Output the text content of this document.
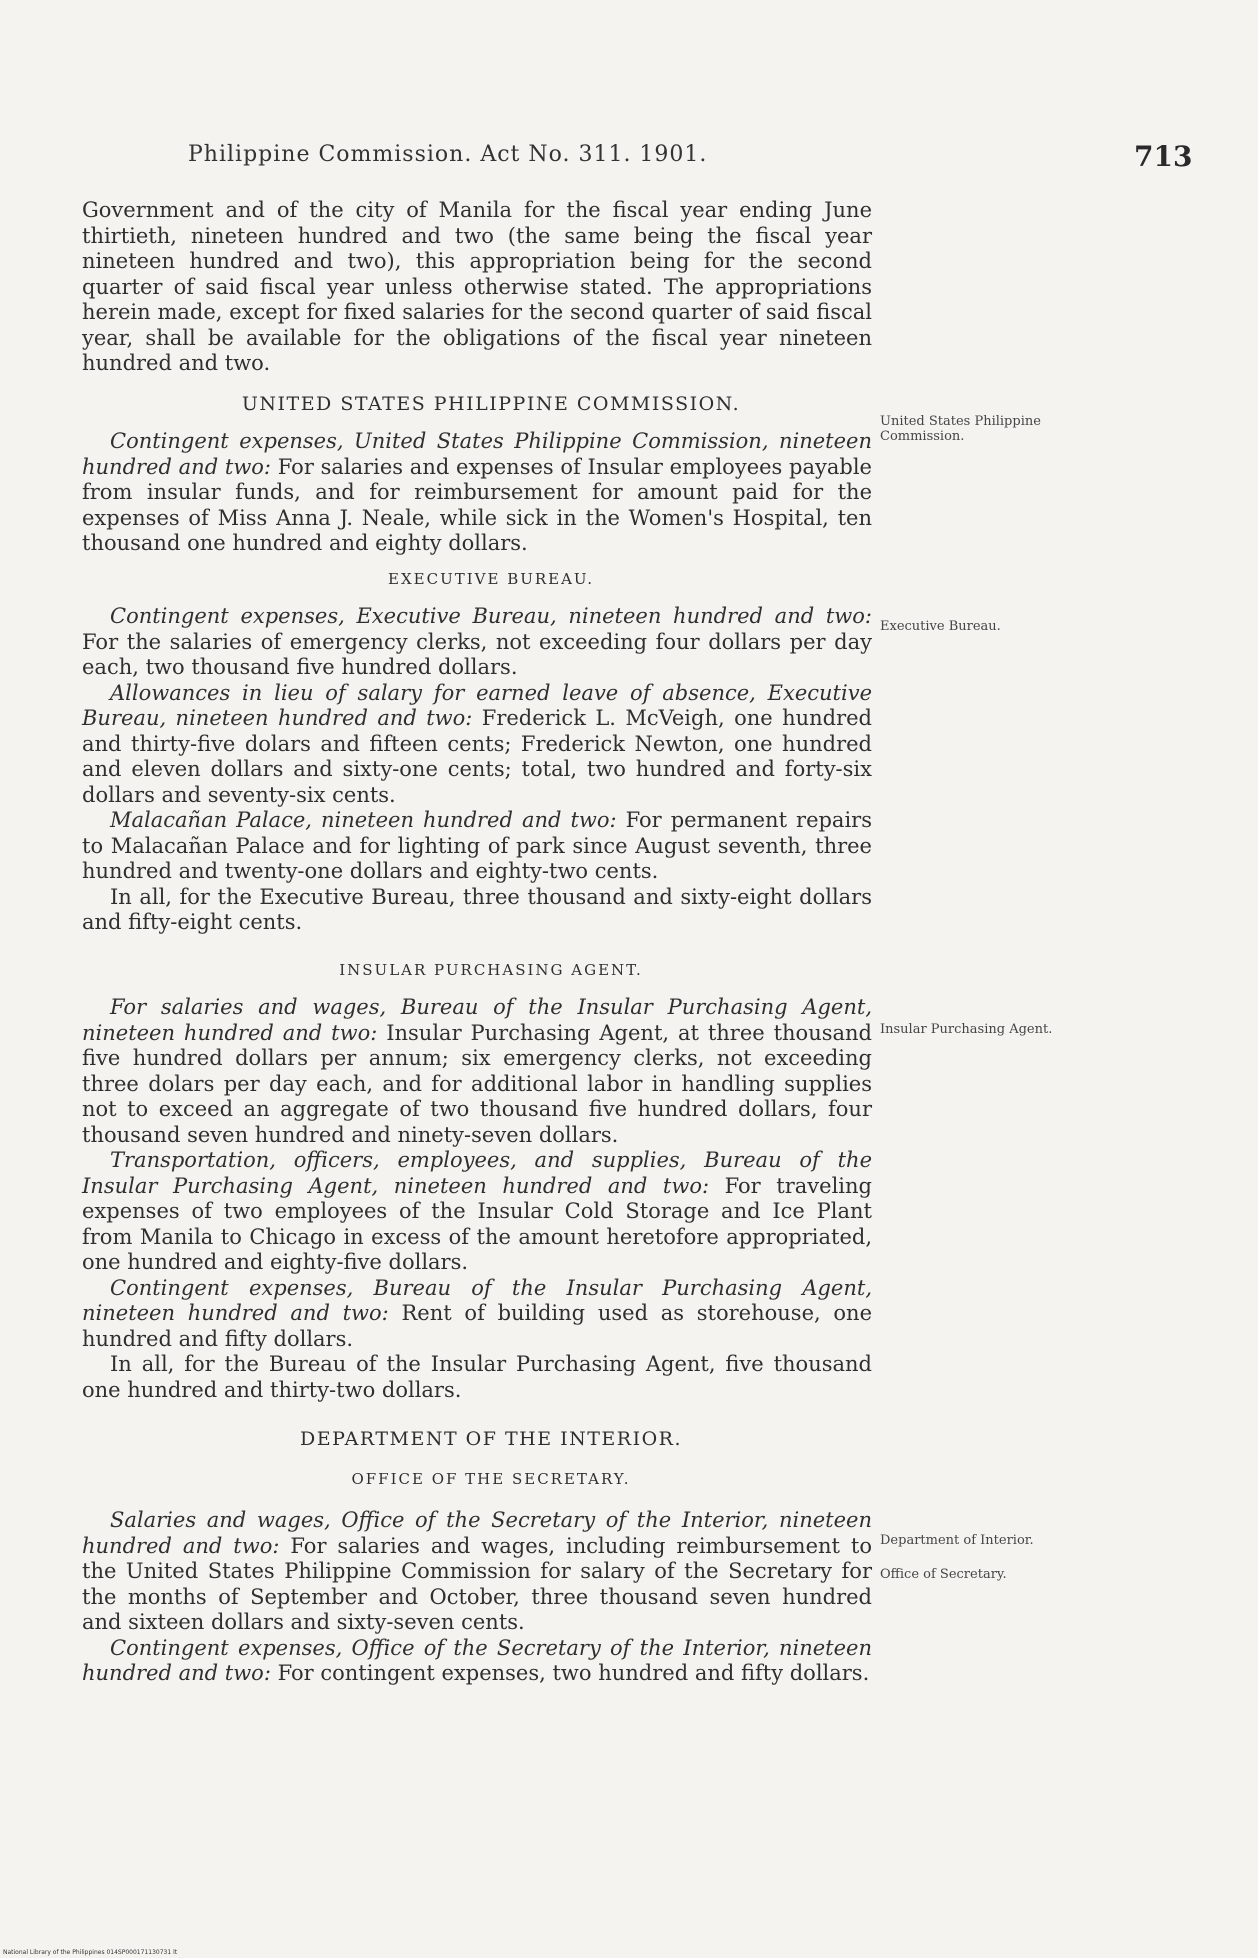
Philippine Commission. Act No. 311. 1901.	713

Government and of the city of Manila for the fiscal year ending June thirtieth, nineteen hundred and two (the same being the fiscal year nineteen hundred and two), this appropriation being for the second quarter of said fiscal year unless otherwise stated. The appropriations herein made, except for fixed salaries for the second quarter of said fiscal year, shall be available for the obligations of the fiscal year nineteen hundred and two.

UNITED STATES PHILIPPINE COMMISSION.

Contingent expenses, United States Philippine Commission, nineteen hundred and two: For salaries and expenses of Insular employees payable from insular funds, and for reimbursement for amount paid for the expenses of Miss Anna J. Neale, while sick in the Women's Hospital, ten thousand one hundred and eighty dollars.

EXECUTIVE BUREAU.

Contingent expenses, Executive Bureau, nineteen hundred and two: For the salaries of emergency clerks, not exceeding four dollars per day each, two thousand five hundred dollars.

Allowances in lieu of salary for earned leave of absence, Executive Bureau, nineteen hundred and two: Frederick L. McVeigh, one hundred and thirty-five dolars and fifteen cents; Frederick Newton, one hundred and eleven dollars and sixty-one cents; total, two hundred and forty-six dollars and seventy-six cents.

Malacañan Palace, nineteen hundred and two: For permanent repairs to Malacañan Palace and for lighting of park since August seventh, three hundred and twenty-one dollars and eighty-two cents.

In all, for the Executive Bureau, three thousand and sixty-eight dollars and fifty-eight cents.

INSULAR PURCHASING AGENT.

For salaries and wages, Bureau of the Insular Purchasing Agent, nineteen hundred and two: Insular Purchasing Agent, at three thousand five hundred dollars per annum; six emergency clerks, not exceeding three dolars per day each, and for additional labor in handling supplies not to exceed an aggregate of two thousand five hundred dollars, four thousand seven hundred and ninety-seven dollars.

Transportation, officers, employees, and supplies, Bureau of the Insular Purchasing Agent, nineteen hundred and two: For traveling expenses of two employees of the Insular Cold Storage and Ice Plant from Manila to Chicago in excess of the amount heretofore appropriated, one hundred and eighty-five dollars.

Contingent expenses, Bureau of the Insular Purchasing Agent, nineteen hundred and two: Rent of building used as storehouse, one hundred and fifty dollars.

In all, for the Bureau of the Insular Purchasing Agent, five thousand one hundred and thirty-two dollars.

DEPARTMENT OF THE INTERIOR.

OFFICE OF THE SECRETARY.

Salaries and wages, Office of the Secretary of the Interior, nineteen hundred and two: For salaries and wages, including reimbursement to the United States Philippine Commission for salary of the Secretary for the months of September and October, three thousand seven hundred and sixteen dollars and sixty-seven cents.

Contingent expenses, Office of the Secretary of the Interior, nineteen hundred and two: For contingent expenses, two hundred and fifty dollars.

United States Philippine Commission.
Executive Bureau.
Insular Purchasing Agent.
Department of Interior.
Office of Secretary.
National Library of the Philippines 014SP000171130731 lt
